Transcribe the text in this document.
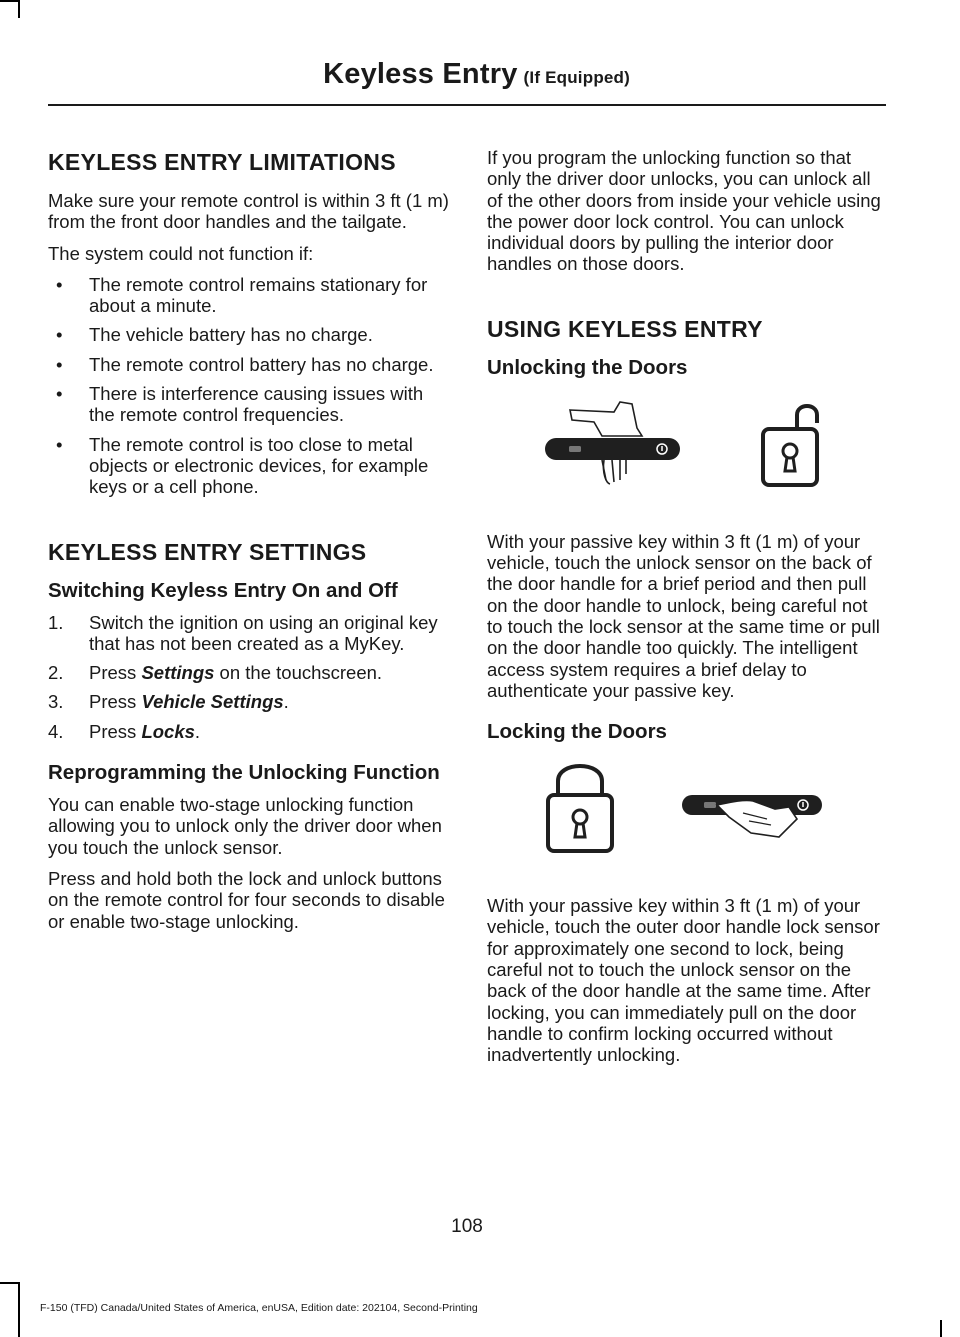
Keyless Entry (If Equipped)
KEYLESS ENTRY LIMITATIONS

Make sure your remote control is within 3 ft (1 m) from the front door handles and the tailgate.

The system could not function if:

• The remote control remains stationary for about a minute.
• The vehicle battery has no charge.
• The remote control battery has no charge.
• There is interference causing issues with the remote control frequencies.
• The remote control is too close to metal objects or electronic devices, for example keys or a cell phone.
KEYLESS ENTRY SETTINGS
Switching Keyless Entry On and Off
1. Switch the ignition on using an original key that has not been created as a MyKey.
2. Press Settings on the touchscreen.
3. Press Vehicle Settings.
4. Press Locks.
Reprogramming the Unlocking Function

You can enable two-stage unlocking function allowing you to unlock only the driver door when you touch the unlock sensor.

Press and hold both the lock and unlock buttons on the remote control for four seconds to disable or enable two-stage unlocking.

If you program the unlocking function so that only the driver door unlocks, you can unlock all of the other doors from inside your vehicle using the power door lock control. You can unlock individual doors by pulling the interior door handles on those doors.

USING KEYLESS ENTRY
Unlocking the Doors

With your passive key within 3 ft (1 m) of your vehicle, touch the unlock sensor on the back of the door handle for a brief period and then pull on the door handle to unlock, being careful not to touch the lock sensor at the same time or pull on the door handle too quickly. The intelligent access system requires a brief delay to authenticate your passive key.

Locking the Doors

With your passive key within 3 ft (1 m) of your vehicle, touch the outer door handle lock sensor for approximately one second to lock, being careful not to touch the unlock sensor on the back of the door handle at the same time. After locking, you can immediately pull on the door handle to confirm locking occurred without inadvertently unlocking.

108
F-150 (TFD) Canada/United States of America, enUSA, Edition date: 202104, Second-Printing
